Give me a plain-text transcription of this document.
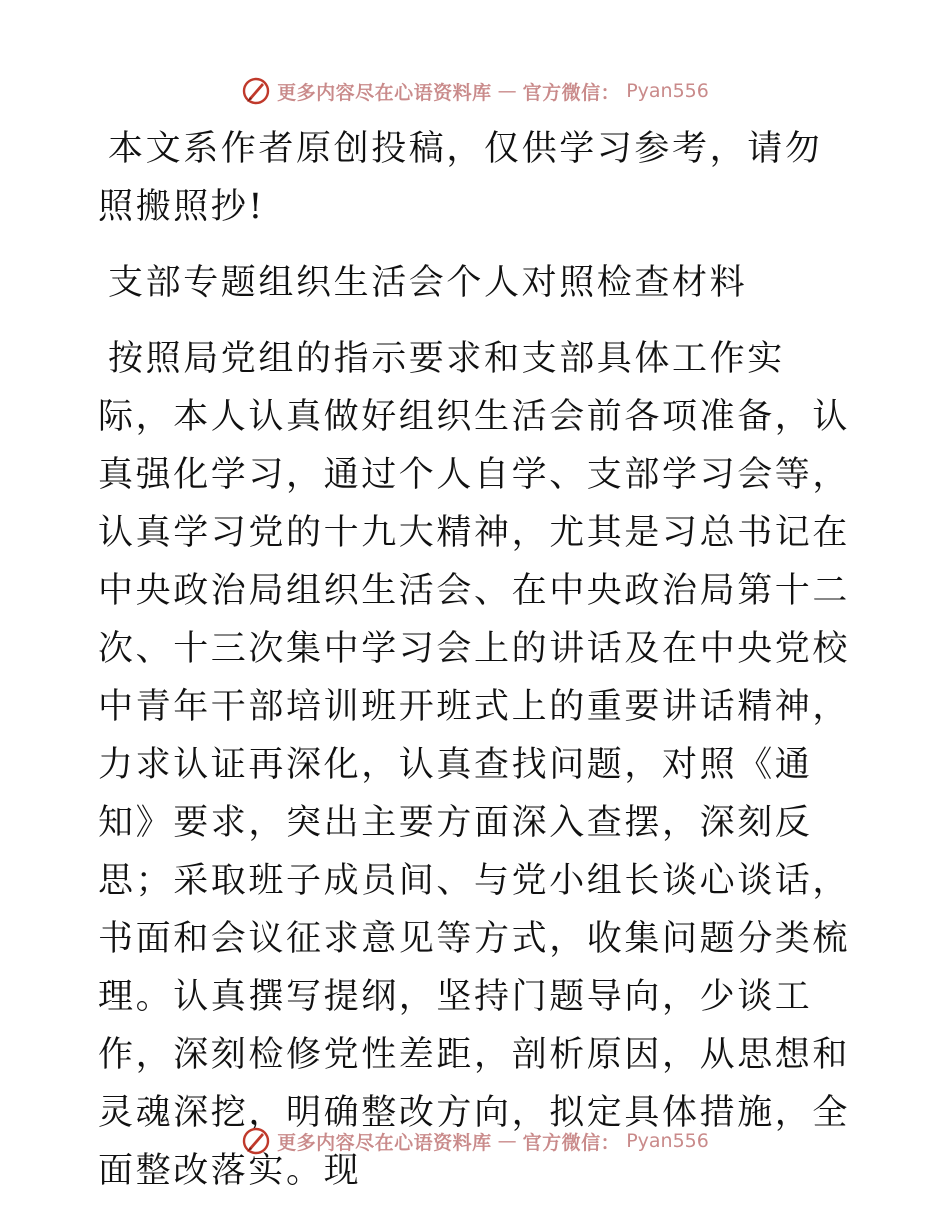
更多内容尽在心语资料库 — 官方微信： Pyan556

本文系作者原创投稿，仅供学习参考，请勿照搬照抄!

支部专题组织生活会个人对照检查材料

按照局党组的指示要求和支部具体工作实际，本人认真做好组织生活会前各项准备，认真强化学习，通过个人自学、支部学习会等，认真学习党的十九大精神，尤其是习总书记在中央政治局组织生活会、在中央政治局第十二次、十三次集中学习会上的讲话及在中央党校中青年干部培训班开班式上的重要讲话精神，力求认证再深化，认真查找问题，对照《通知》要求，突出主要方面深入查摆，深刻反思；采取班子成员间、与党小组长谈心谈话，书面和会议征求意见等方式，收集问题分类梳理。认真撰写提纲，坚持门题导向，少谈工作，深刻检修党性差距，剖析原因，从思想和灵魂深挖，明确整改方向，拟定具体措施，全面整改落实。现

更多内容尽在心语资料库 — 官方微信： Pyan556
